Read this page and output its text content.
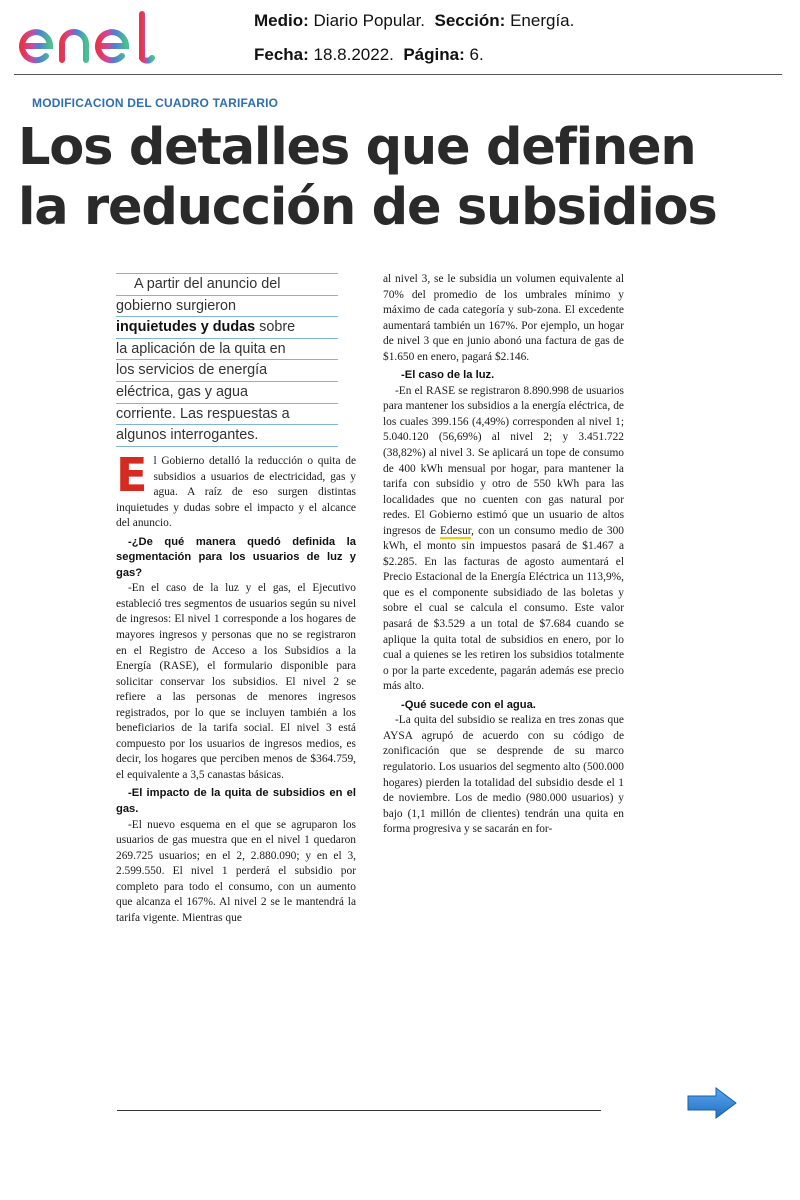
Medio: Diario Popular. Sección: Energía.
Fecha: 18.8.2022. Página: 6.
MODIFICACION DEL CUADRO TARIFARIO
Los detalles que definen
la reducción de subsidios
A partir del anuncio del
gobierno surgieron
inquietudes y dudas sobre
la aplicación de la quita en
los servicios de energía
eléctrica, gas y agua
corriente. Las respuestas a
algunos interrogantes.

El Gobierno detalló la reducción o quita de subsidios a usuarios de electricidad, gas y agua. A raíz de eso surgen distintas inquietudes y dudas sobre el impacto y el alcance del anuncio.

-¿De qué manera quedó definida la segmentación para los usuarios de luz y gas?

-En el caso de la luz y el gas, el Ejecutivo estableció tres segmentos de usuarios según su nivel de ingresos: El nivel 1 corresponde a los hogares de mayores ingresos y personas que no se registraron en el Registro de Acceso a los Subsidios a la Energía (RASE), el formulario disponible para solicitar conservar los subsidios. El nivel 2 se refiere a las personas de menores ingresos registrados, por lo que se incluyen también a los beneficiarios de la tarifa social. El nivel 3 está compuesto por los usuarios de ingresos medios, es decir, los hogares que perciben menos de $364.759, el equivalente a 3,5 canastas básicas.

-El impacto de la quita de subsidios en el gas.

-El nuevo esquema en el que se agruparon los usuarios de gas muestra que en el nivel 1 quedaron 269.725 usuarios; en el 2, 2.880.090; y en el 3, 2.599.550. El nivel 1 perderá el subsidio por completo para todo el consumo, con un aumento que alcanza el 167%. Al nivel 2 se le mantendrá la tarifa vigente. Mientras que

al nivel 3, se le subsidia un volumen equivalente al 70% del promedio de los umbrales mínimo y máximo de cada categoría y sub-zona. El excedente aumentará también un 167%. Por ejemplo, un hogar de nivel 3 que en junio abonó una factura de gas de $1.650 en enero, pagará $2.146.

-El caso de la luz.

-En el RASE se registraron 8.890.998 de usuarios para mantener los subsidios a la energía eléctrica, de los cuales 399.156 (4,49%) corresponden al nivel 1; 5.040.120 (56,69%) al nivel 2; y 3.451.722 (38,82%) al nivel 3. Se aplicará un tope de consumo de 400 kWh mensual por hogar, para mantener la tarifa con subsidio y otro de 550 kWh para las localidades que no cuenten con gas natural por redes. El Gobierno estimó que un usuario de altos ingresos de Edesur, con un consumo medio de 300 kWh, el monto sin impuestos pasará de $1.467 a $2.285. En las facturas de agosto aumentará el Precio Estacional de la Energía Eléctrica un 113,9%, que es el componente subsidiado de las boletas y sobre el cual se calcula el consumo. Este valor pasará de $3.529 a un total de $7.684 cuando se aplique la quita total de subsidios en enero, por lo cual a quienes se les retiren los subsidios totalmente o por la parte excedente, pagarán además ese precio más alto.

-Qué sucede con el agua.

-La quita del subsidio se realiza en tres zonas que AYSA agrupó de acuerdo con su código de zonificación que se desprende de su marco regulatorio. Los usuarios del segmento alto (500.000 hogares) pierden la totalidad del subsidio desde el 1 de noviembre. Los de medio (980.000 usuarios) y bajo (1,1 millón de clientes) tendrán una quita en forma progresiva y se sacarán en for-
